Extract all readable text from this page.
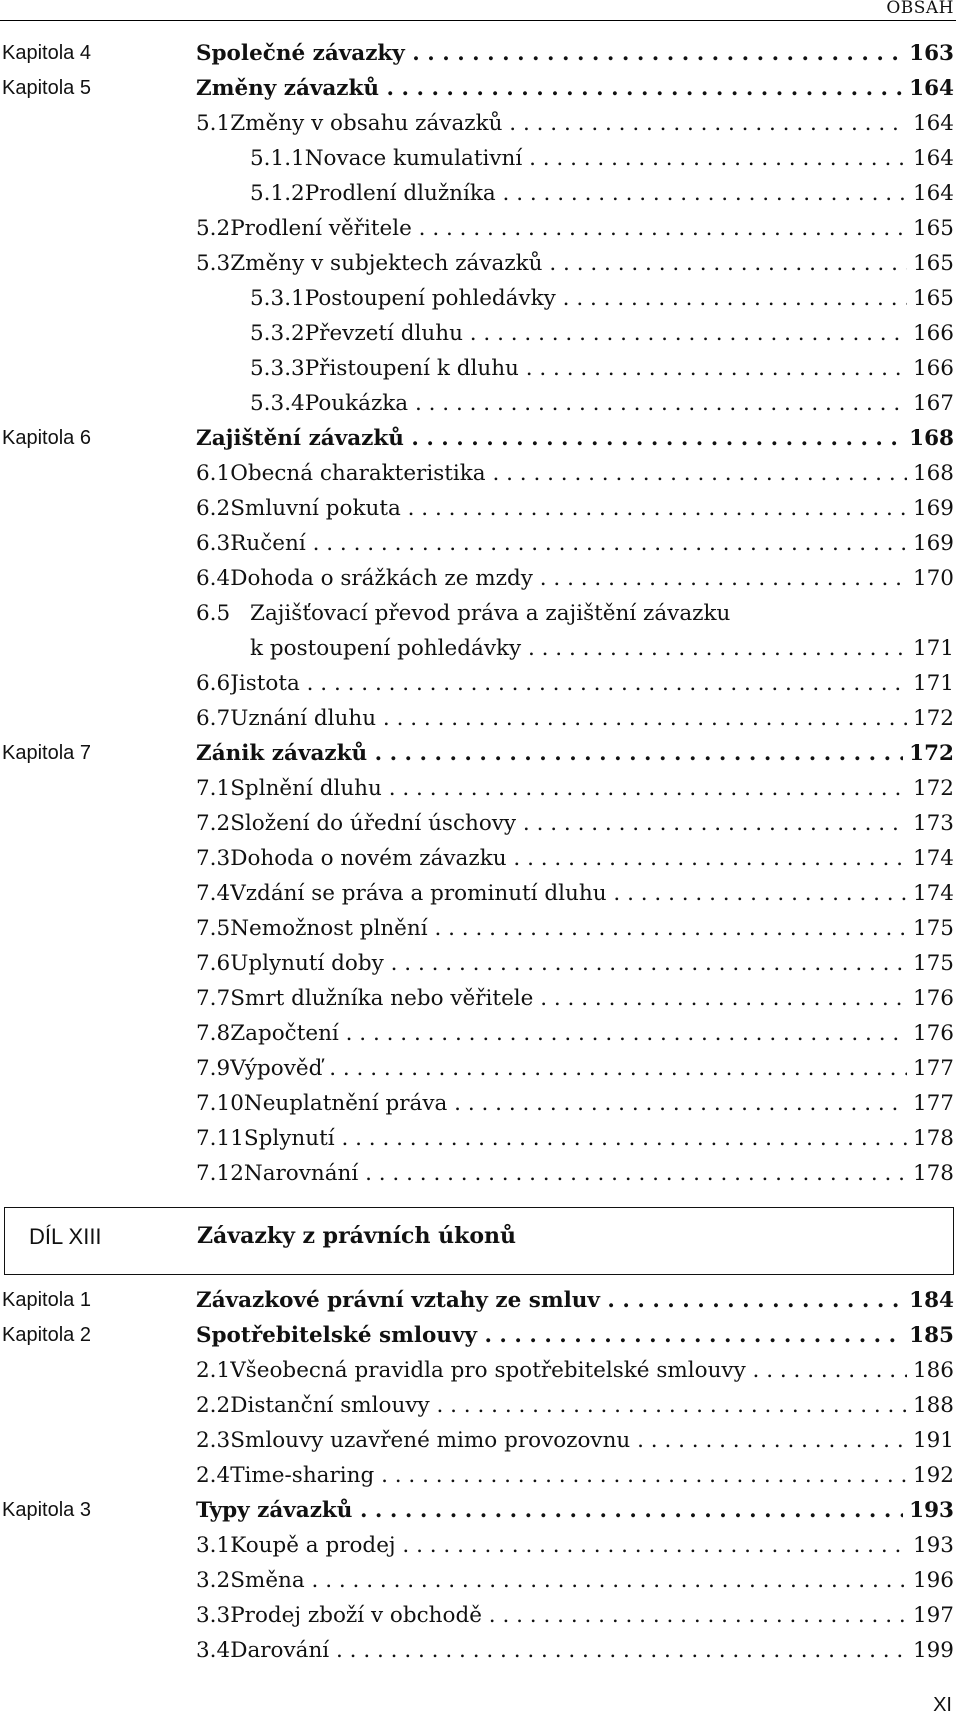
OBSAH
Kapitola 4	Společné závazky . . .	163
Kapitola 5	Změny závazků . . .	164
5.1 Změny v obsahu závazků . . .	164
5.1.1 Novace kumulativní . . .	164
5.1.2 Prodlení dlužníka . . .	164
5.2 Prodlení věřitele . . .	165
5.3 Změny v subjektech závazků . . .	165
5.3.1 Postoupení pohledávky . . .	165
5.3.2 Převzetí dluhu . . .	166
5.3.3 Přistoupení k dluhu . . .	166
5.3.4 Poukázka . . .	167
Kapitola 6	Zajištění závazků . . .	168
6.1 Obecná charakteristika . . .	168
6.2 Smluvní pokuta . . .	169
6.3 Ručení . . .	169
6.4 Dohoda o srážkách ze mzdy . . .	170
6.5 Zajišťovací převod práva a zajištění závazku
k postoupení pohledávky . . .	171
6.6 Jistota . . .	171
6.7 Uznání dluhu . . .	172
Kapitola 7	Zánik závazků . . .	172
7.1 Splnění dluhu . . .	172
7.2 Složení do úřední úschovy . . .	173
7.3 Dohoda o novém závazku . . .	174
7.4 Vzdání se práva a prominutí dluhu . . .	174
7.5 Nemožnost plnění . . .	175
7.6 Uplynutí doby . . .	175
7.7 Smrt dlužníka nebo věřitele . . .	176
7.8 Započtení . . .	176
7.9 Výpověď . . .	177
7.10 Neuplatnění práva . . .	177
7.11 Splynutí . . .	178
7.12 Narovnání . . .	178
DÍL XIII	Závazky z právních úkonů
Kapitola 1	Závazkové právní vztahy ze smluv . . .	184
Kapitola 2	Spotřebitelské smlouvy . . .	185
2.1 Všeobecná pravidla pro spotřebitelské smlouvy . . .	186
2.2 Distanční smlouvy . . .	188
2.3 Smlouvy uzavřené mimo provozovnu . . .	191
2.4 Time-sharing . . .	192
Kapitola 3	Typy závazků . . .	193
3.1 Koupě a prodej . . .	193
3.2 Směna . . .	196
3.3 Prodej zboží v obchodě . . .	197
3.4 Darování . . .	199
XI
